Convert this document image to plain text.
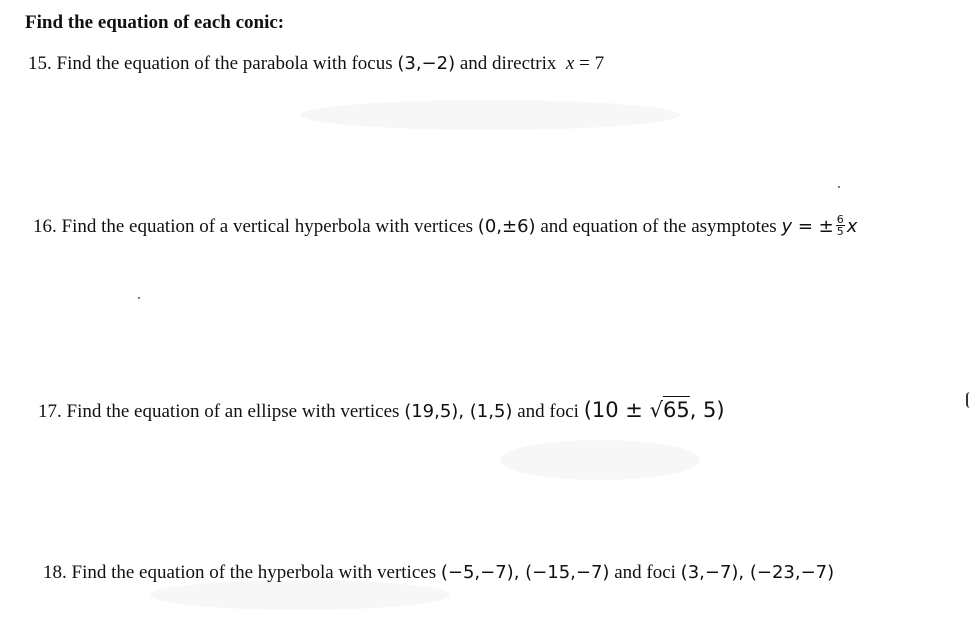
Find the equation of each conic:
15. Find the equation of the parabola with focus (3,−2) and directrix x = 7
16. Find the equation of a vertical hyperbola with vertices (0,±6) and equation of the asymptotes y = ± $\frac{6}{5}$ x
17. Find the equation of an ellipse with vertices (19,5), (1,5) and foci (10 ± √65, 5)
18. Find the equation of the hyperbola with vertices (−5,−7), (−15,−7) and foci (3,−7), (−23,−7)
